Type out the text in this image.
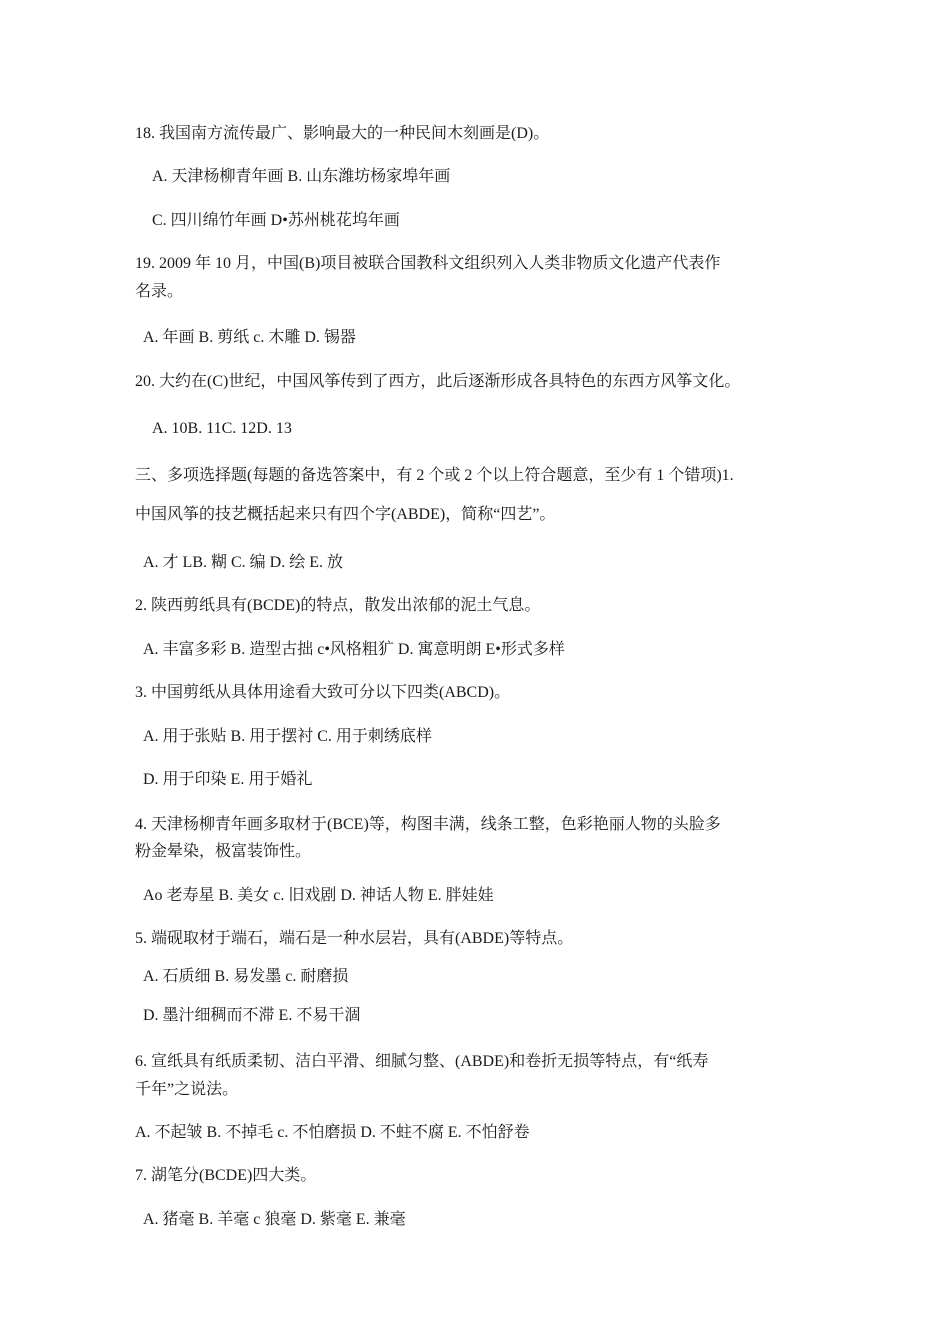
18. 我国南方流传最广、影响最大的一种民间木刻画是(D)。
A. 天津杨柳青年画 B. 山东潍坊杨家埠年画
C. 四川绵竹年画 D•苏州桃花坞年画
19. 2009 年 10 月，中国(B)项目被联合国教科文组织列入人类非物质文化遗产代表作
名录。
A. 年画 B. 剪纸 c. 木雕 D. 锡器
20. 大约在(C)世纪，中国风筝传到了西方，此后逐渐形成各具特色的东西方风筝文化。
A. 10B. 11C. 12D. 13
三、多项选择题(每题的备选答案中，有 2 个或 2 个以上符合题意，至少有 1 个错项)1.
中国风筝的技艺概括起来只有四个字(ABDE)，简称“四艺”。
A. 才 LB. 糊 C. 编 D. 绘 E. 放
2. 陕西剪纸具有(BCDE)的特点，散发出浓郁的泥土气息。
A. 丰富多彩 B. 造型古拙 c•风格粗犷 D. 寓意明朗 E•形式多样
3. 中国剪纸从具体用途看大致可分以下四类(ABCD)。
A. 用于张贴 B. 用于摆衬 C. 用于刺绣底样
D. 用于印染 E. 用于婚礼
4. 天津杨柳青年画多取材于(BCE)等，构图丰满，线条工整，色彩艳丽人物的头脸多
粉金晕染，极富装饰性。
Ao 老寿星 B. 美女 c. 旧戏剧 D. 神话人物 E. 胖娃娃
5. 端砚取材于端石，端石是一种水层岩，具有(ABDE)等特点。
A. 石质细 B. 易发墨 c. 耐磨损
D. 墨汁细稠而不滞 E. 不易干涸
6. 宣纸具有纸质柔韧、洁白平滑、细腻匀整、(ABDE)和卷折无损等特点，有“纸寿
千年”之说法。
A. 不起皱 B. 不掉毛 c. 不怕磨损 D. 不蛀不腐 E. 不怕舒卷
7. 湖笔分(BCDE)四大类。
A. 猪毫 B. 羊毫 c 狼毫 D. 紫毫 E. 兼毫
